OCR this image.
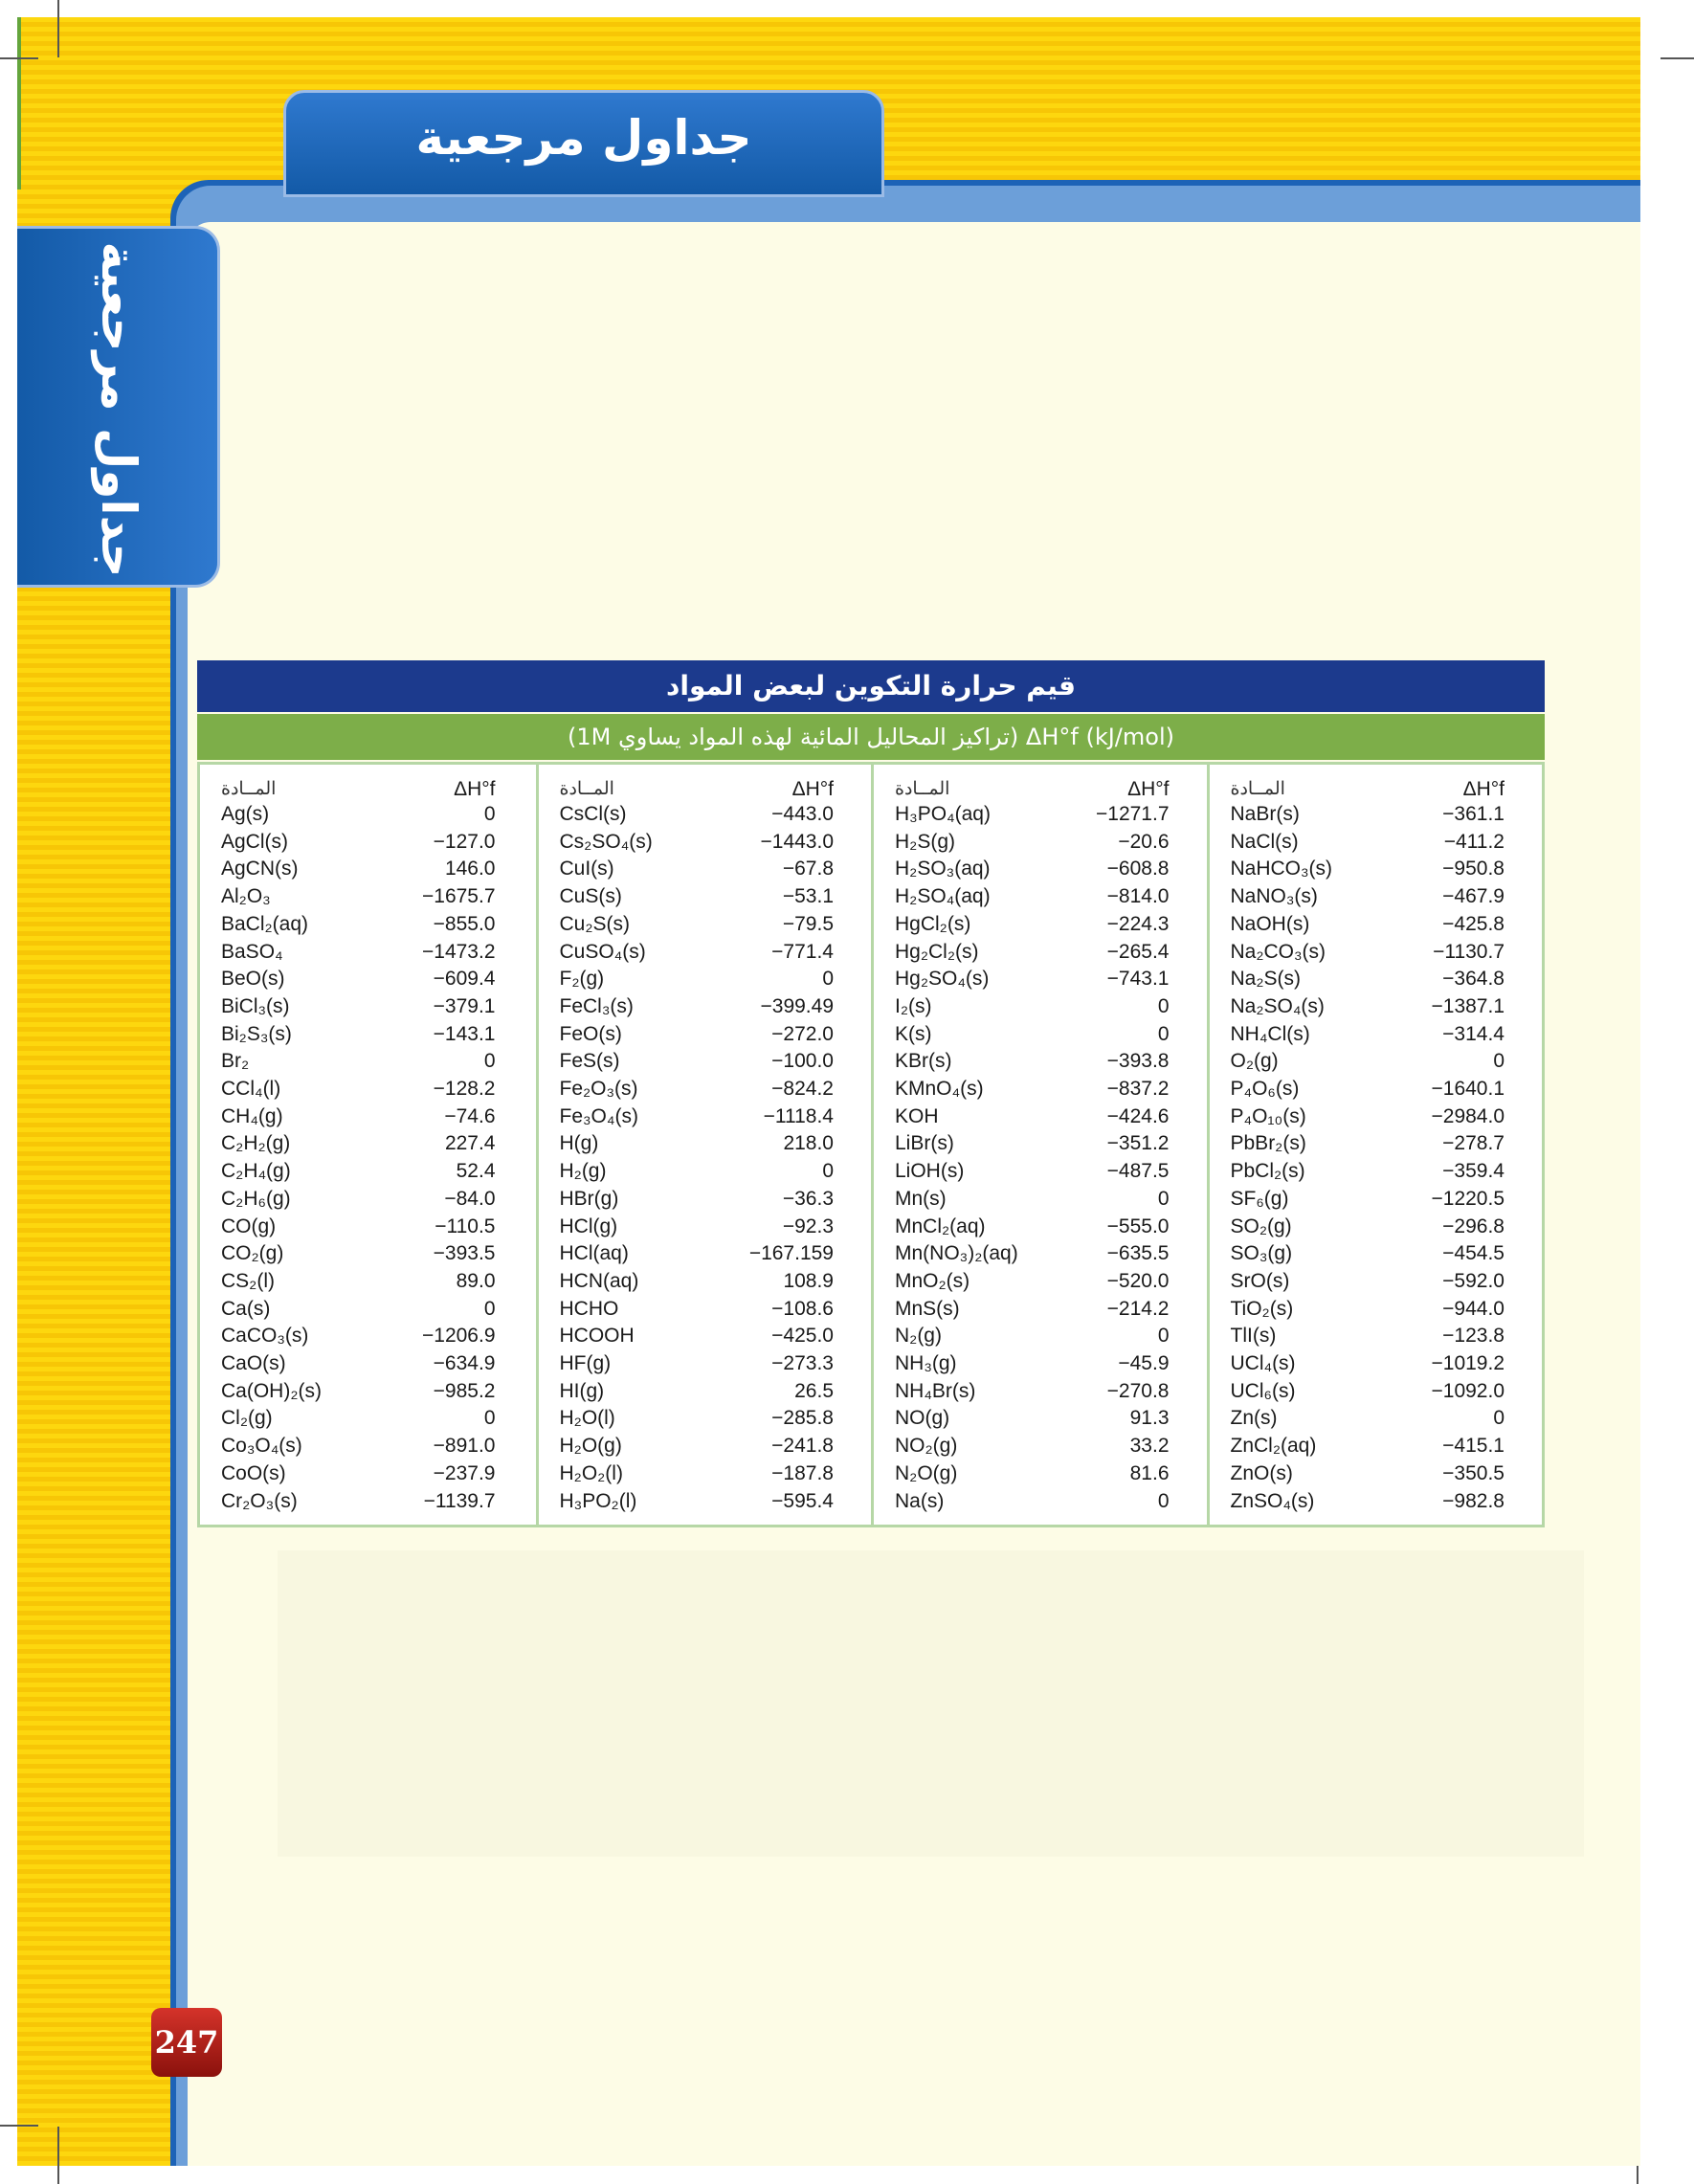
جداول مرجعية
جداول مرجعية
247
قيم حرارة التكوين لبعض المواد
ΔH°f (kJ/mol) (تراكيز المحاليل المائية لهذه المواد يساوي 1M)
المــادة	ΔH°f
Ag(s)	0
AgCl(s)	−127.0
AgCN(s)	146.0
Al₂O₃	−1675.7
BaCl₂(aq)	−855.0
BaSO₄	−1473.2
BeO(s)	−609.4
BiCl₃(s)	−379.1
Bi₂S₃(s)	−143.1
Br₂	0
CCl₄(l)	−128.2
CH₄(g)	−74.6
C₂H₂(g)	227.4
C₂H₄(g)	52.4
C₂H₆(g)	−84.0
CO(g)	−110.5
CO₂(g)	−393.5
CS₂(l)	89.0
Ca(s)	0
CaCO₃(s)	−1206.9
CaO(s)	−634.9
Ca(OH)₂(s)	−985.2
Cl₂(g)	0
Co₃O₄(s)	−891.0
CoO(s)	−237.9
Cr₂O₃(s)	−1139.7
المــادة	ΔH°f
CsCl(s)	−443.0
Cs₂SO₄(s)	−1443.0
CuI(s)	−67.8
CuS(s)	−53.1
Cu₂S(s)	−79.5
CuSO₄(s)	−771.4
F₂(g)	0
FeCl₃(s)	−399.49
FeO(s)	−272.0
FeS(s)	−100.0
Fe₂O₃(s)	−824.2
Fe₃O₄(s)	−1118.4
H(g)	218.0
H₂(g)	0
HBr(g)	−36.3
HCl(g)	−92.3
HCl(aq)	−167.159
HCN(aq)	108.9
HCHO	−108.6
HCOOH	−425.0
HF(g)	−273.3
HI(g)	26.5
H₂O(l)	−285.8
H₂O(g)	−241.8
H₂O₂(l)	−187.8
H₃PO₂(l)	−595.4
المــادة	ΔH°f
H₃PO₄(aq)	−1271.7
H₂S(g)	−20.6
H₂SO₃(aq)	−608.8
H₂SO₄(aq)	−814.0
HgCl₂(s)	−224.3
Hg₂Cl₂(s)	−265.4
Hg₂SO₄(s)	−743.1
I₂(s)	0
K(s)	0
KBr(s)	−393.8
KMnO₄(s)	−837.2
KOH	−424.6
LiBr(s)	−351.2
LiOH(s)	−487.5
Mn(s)	0
MnCl₂(aq)	−555.0
Mn(NO₃)₂(aq)	−635.5
MnO₂(s)	−520.0
MnS(s)	−214.2
N₂(g)	0
NH₃(g)	−45.9
NH₄Br(s)	−270.8
NO(g)	91.3
NO₂(g)	33.2
N₂O(g)	81.6
Na(s)	0
المــادة	ΔH°f
NaBr(s)	−361.1
NaCl(s)	−411.2
NaHCO₃(s)	−950.8
NaNO₃(s)	−467.9
NaOH(s)	−425.8
Na₂CO₃(s)	−1130.7
Na₂S(s)	−364.8
Na₂SO₄(s)	−1387.1
NH₄Cl(s)	−314.4
O₂(g)	0
P₄O₆(s)	−1640.1
P₄O₁₀(s)	−2984.0
PbBr₂(s)	−278.7
PbCl₂(s)	−359.4
SF₆(g)	−1220.5
SO₂(g)	−296.8
SO₃(g)	−454.5
SrO(s)	−592.0
TiO₂(s)	−944.0
TlI(s)	−123.8
UCl₄(s)	−1019.2
UCl₆(s)	−1092.0
Zn(s)	0
ZnCl₂(aq)	−415.1
ZnO(s)	−350.5
ZnSO₄(s)	−982.8
